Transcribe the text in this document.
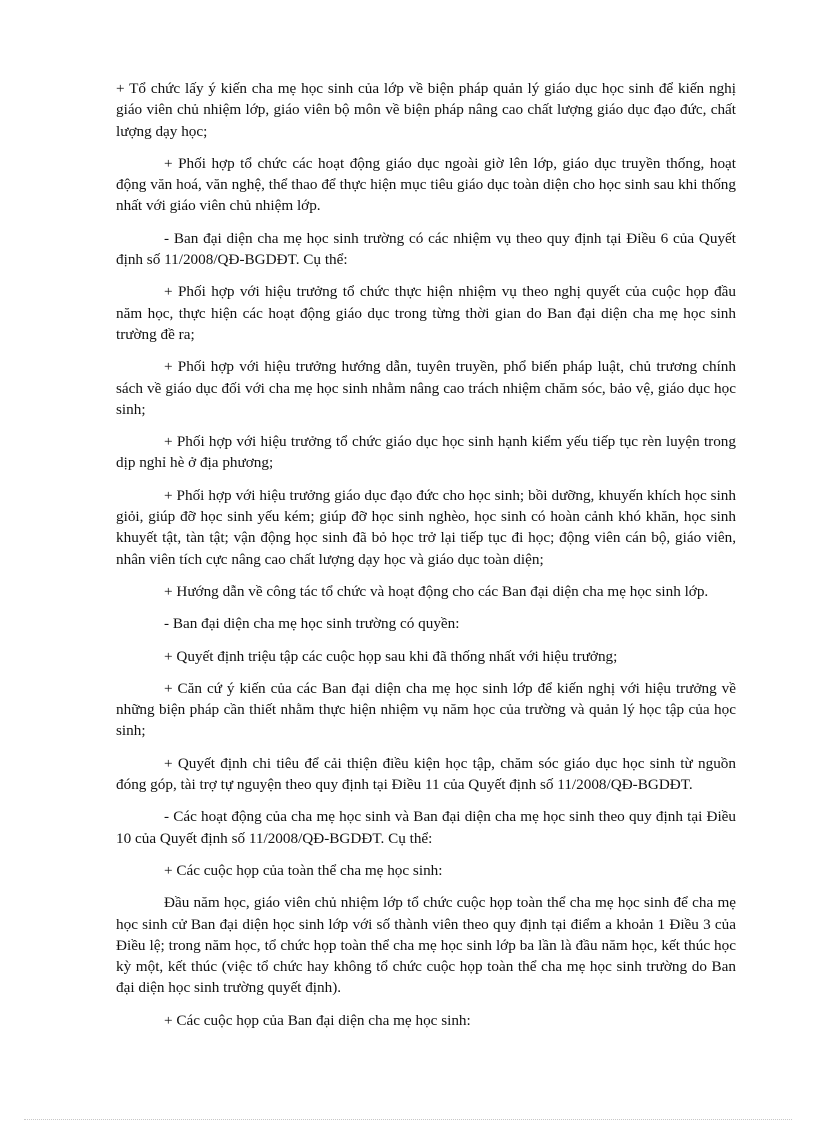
+ Tổ chức lấy ý kiến cha mẹ học sinh của lớp về biện pháp quản lý giáo dục học sinh để kiến nghị giáo viên chủ nhiệm lớp, giáo viên bộ môn về biện pháp nâng cao chất lượng giáo dục đạo đức, chất lượng dạy học;

+ Phối hợp tổ chức các hoạt động giáo dục ngoài giờ lên lớp, giáo dục truyền thống, hoạt động văn hoá, văn nghệ, thể thao để thực hiện mục tiêu giáo dục toàn diện cho học sinh sau khi thống nhất với giáo viên chủ nhiệm lớp.

- Ban đại diện cha mẹ học sinh trường có các nhiệm vụ theo quy định tại Điều 6 của Quyết định số 11/2008/QĐ-BGDĐT. Cụ thể:

+ Phối hợp với hiệu trưởng tổ chức thực hiện nhiệm vụ theo nghị quyết của cuộc họp đầu năm học, thực hiện các hoạt động giáo dục trong từng thời gian do Ban đại diện cha mẹ học sinh trường đề ra;

+ Phối hợp với hiệu trưởng hướng dẫn, tuyên truyền, phổ biến pháp luật, chủ trương chính sách về giáo dục đối với cha mẹ học sinh nhằm nâng cao trách nhiệm chăm sóc, bảo vệ, giáo dục học sinh;

+ Phối hợp với hiệu trưởng tổ chức giáo dục học sinh hạnh kiểm yếu tiếp tục rèn luyện trong dịp nghỉ hè ở địa phương;

+ Phối hợp với hiệu trưởng giáo dục đạo đức cho học sinh; bồi dưỡng, khuyến khích học sinh giỏi, giúp đỡ học sinh yếu kém; giúp đỡ học sinh nghèo, học sinh có hoàn cảnh khó khăn, học sinh khuyết tật, tàn tật; vận động học sinh đã bỏ học trở lại tiếp tục đi học; động viên cán bộ, giáo viên, nhân viên tích cực nâng cao chất lượng dạy học và giáo dục toàn diện;

+ Hướng dẫn về công tác tổ chức và hoạt động cho các Ban đại diện cha mẹ học sinh lớp.

- Ban đại diện cha mẹ học sinh trường có quyền:

+ Quyết định triệu tập các cuộc họp sau khi đã thống nhất với hiệu trưởng;

+ Căn cứ ý kiến của các Ban đại diện cha mẹ học sinh lớp để kiến nghị với hiệu trưởng về những biện pháp cần thiết nhằm thực hiện nhiệm vụ năm học của trường và quản lý học tập của học sinh;

+ Quyết định chi tiêu để cải thiện điều kiện học tập, chăm sóc giáo dục học sinh từ nguồn đóng góp, tài trợ tự nguyện theo quy định tại Điều 11 của Quyết định số 11/2008/QĐ-BGDĐT.

- Các hoạt động của cha mẹ học sinh và Ban đại diện cha mẹ học sinh theo quy định tại Điều 10 của Quyết định số 11/2008/QĐ-BGDĐT. Cụ thể:

+ Các cuộc họp của toàn thể cha mẹ học sinh:

Đầu năm học, giáo viên chủ nhiệm lớp tổ chức cuộc họp toàn thể cha mẹ học sinh để cha mẹ học sinh cử Ban đại diện học sinh lớp với số thành viên theo quy định tại điểm a khoản 1 Điều 3 của Điều lệ; trong năm học, tổ chức họp toàn thể cha mẹ học sinh lớp ba lần là đầu năm học, kết thúc học kỳ một, kết thúc (việc tổ chức hay không tổ chức cuộc họp toàn thể cha mẹ học sinh trường do Ban đại diện học sinh trường quyết định).

+ Các cuộc họp của Ban đại diện cha mẹ học sinh:
